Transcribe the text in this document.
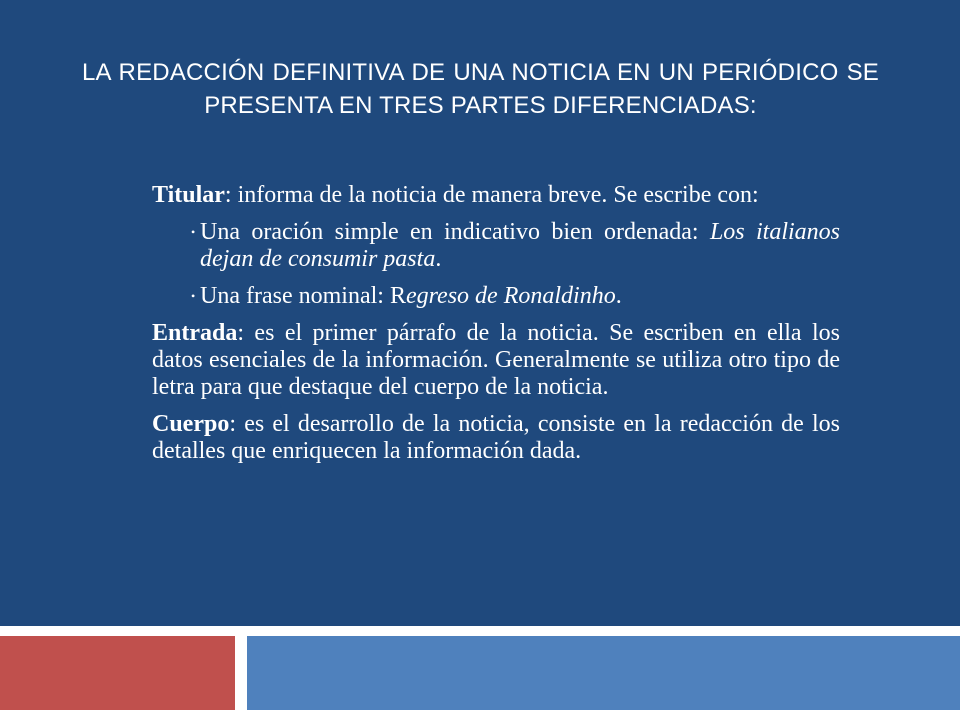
LA REDACCIÓN DEFINITIVA DE UNA NOTICIA EN UN PERIÓDICO SE PRESENTA EN TRES PARTES DIFERENCIADAS:

Titular: informa de la noticia de manera breve. Se escribe con:

• Una oración simple en indicativo bien ordenada: Los italianos dejan de consumir pasta.
• Una frase nominal: Regreso de Ronaldinho.

Entrada: es el primer párrafo de la noticia. Se escriben en ella los datos esenciales de la información. Generalmente se utiliza otro tipo de letra para que destaque del cuerpo de la noticia.

Cuerpo: es el desarrollo de la noticia, consiste en la redacción de los detalles que enriquecen la información dada.
